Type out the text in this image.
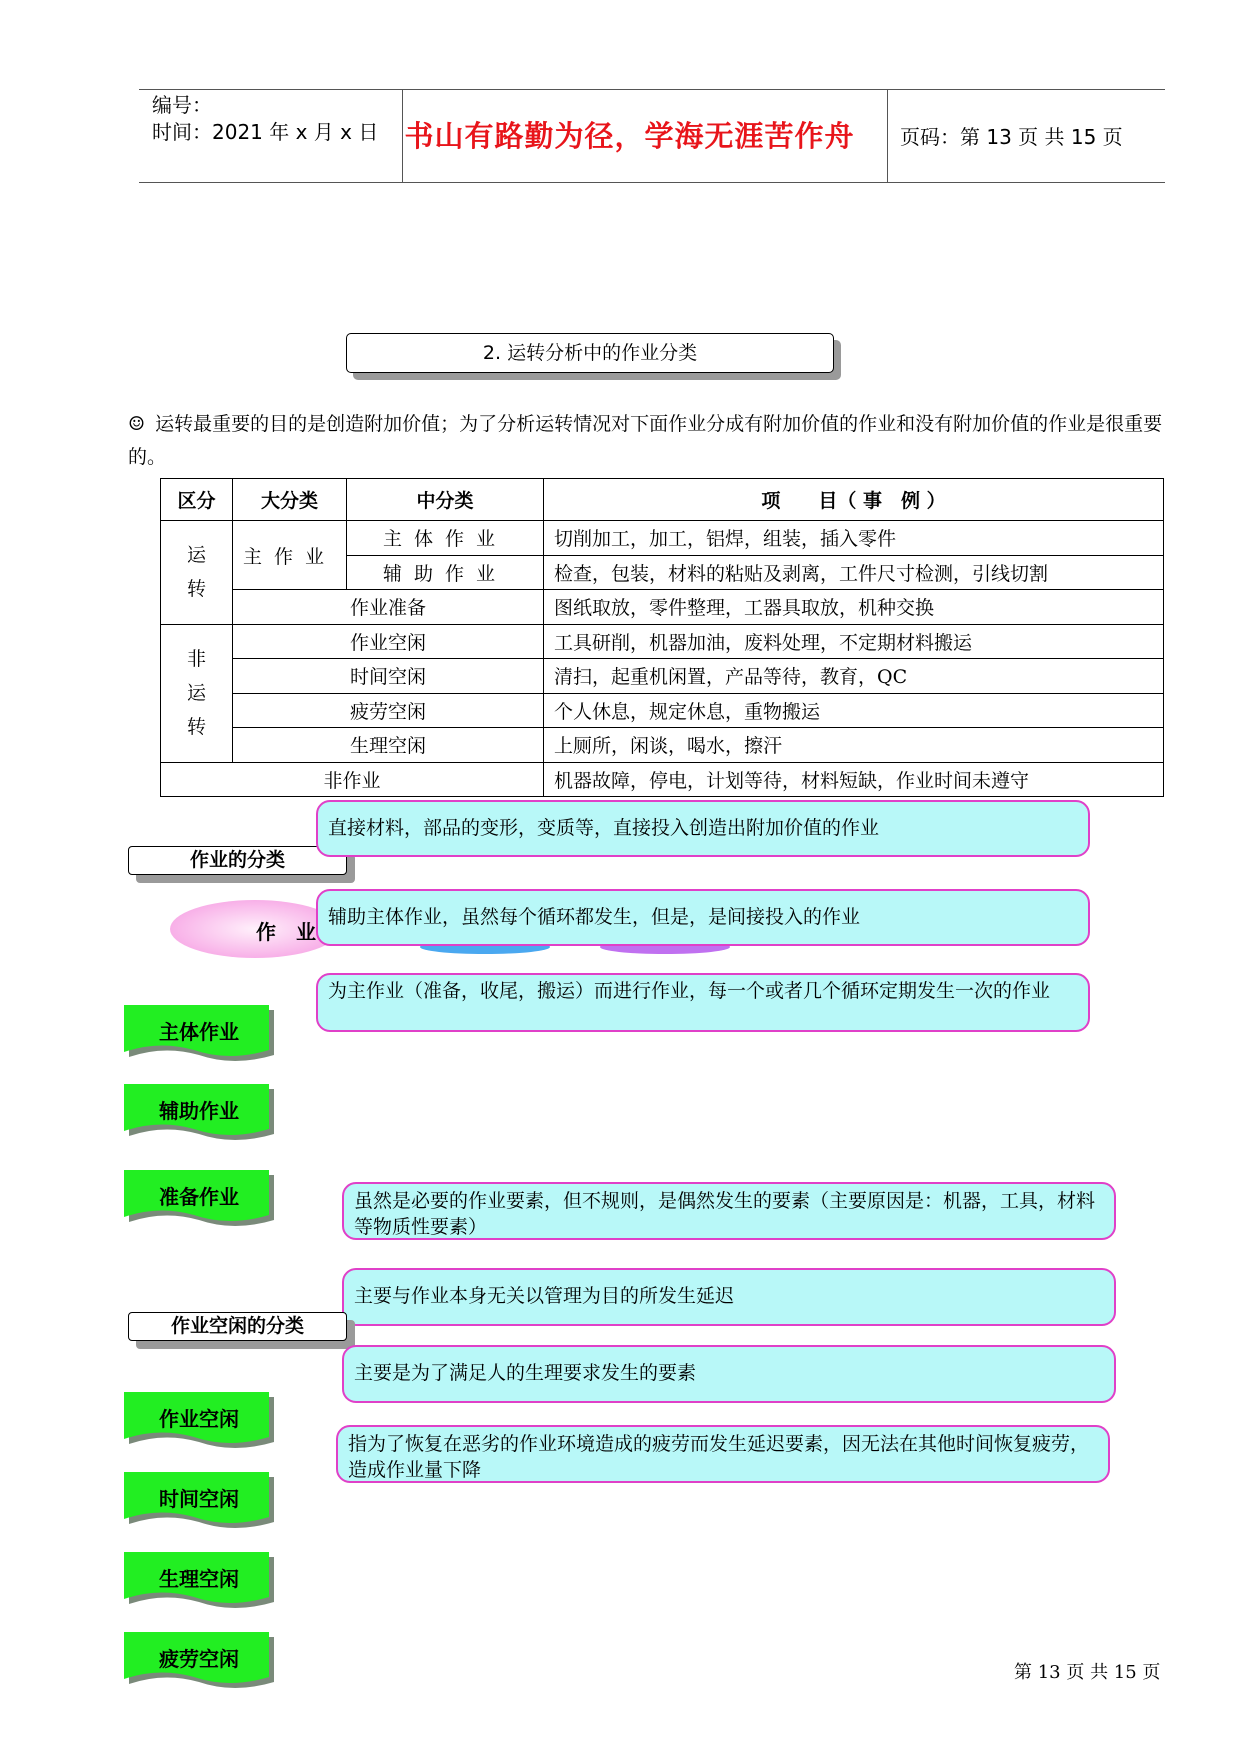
编号：
时间：2021 年 x 月 x 日 书山有路勤为径，学海无涯苦作舟 页码：第 13 页 共 15 页
2. 运转分析中的作业分类
☺ 运转最重要的目的是创造附加价值；为了分析运转情况对下面作业分成有附加价值的作业和没有附加价值的作业是很重要的。
区分	大分类	中分类	项　　目（ 事　例 ）
运
转	主作业	主体作业	切削加工，加工，铝焊，组装，插入零件
		辅助作业	检查，包装，材料的粘贴及剥离，工件尺寸检测，引线切割
	作业准备		图纸取放，零件整理，工器具取放，机种交换
非
运
转	作业空闲		工具研削，机器加油，废料处理，不定期材料搬运
	时间空闲		清扫，起重机闲置，产品等待，教育，QC
	疲劳空闲		个人休息，规定休息，重物搬运
	生理空闲		上厕所，闲谈，喝水，擦汗
非作业			机器故障，停电，计划等待，材料短缺，作业时间未遵守
作业的分类
作　业
直接材料，部品的变形，变质等，直接投入创造出附加价值的作业
辅助主体作业，虽然每个循环都发生，但是，是间接投入的作业
为主作业（准备，收尾，搬运）而进行作业，每一个或者几个循环定期发生一次的作业
主体作业
辅助作业
准备作业	虽然是必要的作业要素，但不规则，是偶然发生的要素（主要原因是：机器，工具，材料等物质性要素）
主要与作业本身无关以管理为目的所发生延迟
作业空闲的分类
主要是为了满足人的生理要求发生的要素
指为了恢复在恶劣的作业环境造成的疲劳而发生延迟要素，因无法在其他时间恢复疲劳，造成作业量下降
作业空闲
时间空闲
生理空闲
疲劳空闲
第 13 页 共 15 页
